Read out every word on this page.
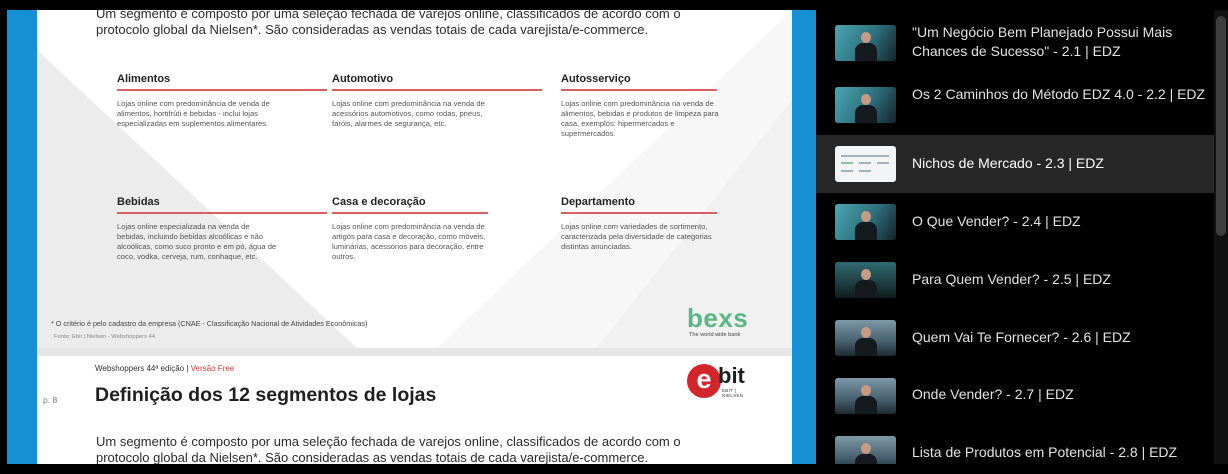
Um segmento é composto por uma seleção fechada de varejos online, classificados de acordo com o protocolo global da Nielsen*. São consideradas as vendas totais de cada varejista/e-commerce.

Alimentos
Lojas online com predominância de venda de alimentos, hortifrúti e bebidas - inclui lojas especializadas em suplementos alimentares.
Automotivo
Lojas online com predominância na venda de acessórios automotivos, como rodas, pneus, faróis, alarmes de segurança, etc.
Autosserviço
Lojas online com predominância na venda de alimentos, bebidas e produtos de limpeza para casa, exemplos: hipermercados e supermercados.
Bebidas
Lojas online especializada na venda de bebidas, incluindo bebidas alcoólicas e não alcoólicas, como suco pronto e em pó, água de coco, vodka, cerveja, rum, conhaque, etc.
Casa e decoração
Lojas online com predominância na venda de artigos para casa e decoração, como móveis, luminárias, acessórios para decoração, entre outros.
Departamento
Lojas online com variedades de sortimento, caracterizada pela diversidade de categorias distintas anunciadas.
* O critério é pelo cadastro da empresa (CNAE - Classificação Nacional de Atividades Econômicas)
Fonte: Ebit | Nielsen - Webshoppers 44
bexs
The world wide bank
Webshoppers 44ª edição | Versão Free
p. 8 Definição dos 12 segmentos de lojas
e bit
EBIT | NIELSEN

Um segmento é composto por uma seleção fechada de varejos online, classificados de acordo com o protocolo global da Nielsen*. São consideradas as vendas totais de cada varejista/e-commerce.

"Um Negócio Bem Planejado Possui Mais Chances de Sucesso" - 2.1 | EDZ
Os 2 Caminhos do Método EDZ 4.0 - 2.2 | EDZ
Nichos de Mercado - 2.3 | EDZ
O Que Vender? - 2.4 | EDZ
Para Quem Vender? - 2.5 | EDZ
Quem Vai Te Fornecer? - 2.6 | EDZ
Onde Vender? - 2.7 | EDZ
Lista de Produtos em Potencial - 2.8 | EDZ
